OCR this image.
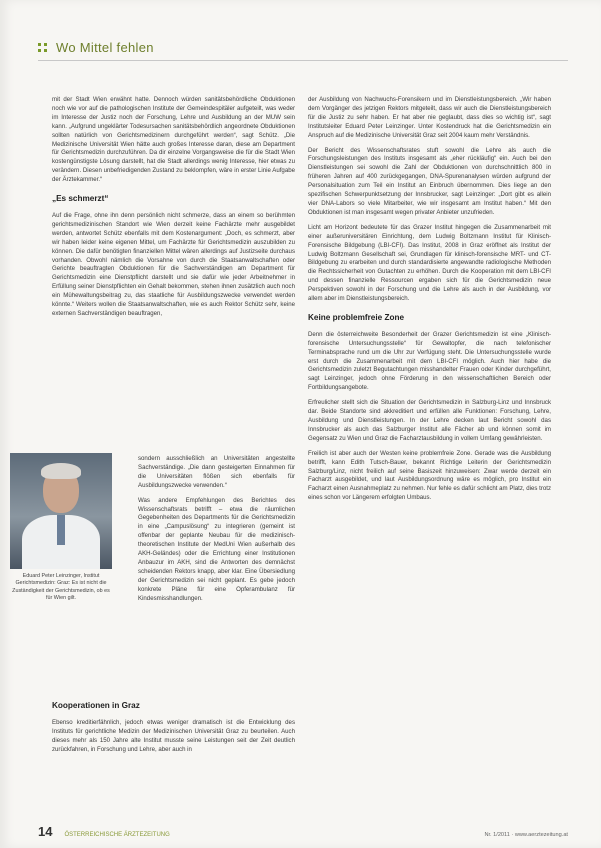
Wo Mittel fehlen

mit der Stadt Wien erwähnt hatte. Dennoch würden sanitätsbehördliche Obduktionen noch wie vor auf die pathologischen Institute der Gemeindespitäler aufgeteilt, was weder im Interesse der Justiz noch der Forschung, Lehre und Ausbildung an der MUW sein kann. „Aufgrund ungeklärter Todesursachen sanitätsbehördlich angeordnete Obduktionen sollten natürlich von Gerichtsmedizinern durchgeführt werden“, sagt Schütz. „Die Medizinische Universität Wien hätte auch großes Interesse daran, diese am Department für Gerichtsmedizin durchzuführen. Da dir einzelne Vorgangsweise die für die Stadt Wien kostengünstigste Lösung darstellt, hat die Stadt allerdings wenig Interesse, hier etwas zu verändern. Diesen unbefriedigenden Zustand zu beklompfen, wäre in erster Linie Aufgabe der Ärztekammer.“

„Es schmerzt“

Auf die Frage, ohne ihn denn persönlich nicht schmerze, dass an einem so berühmten gerichtsmedizinischen Standort wie Wien derzeit keine Fachärzte mehr ausgebildet werden, antwortet Schütz ebenfalls mit dem Kostenargument: „Doch, es schmerzt, aber wir haben leider keine eigenen Mittel, um Fachärzte für Gerichtsmedizin auszubilden zu können. Die dafür benötigten finanziellen Mittel wären allerdings auf Justizseite durchaus vorhanden. Obwohl nämlich die Vorsahne von durch die Staatsanwaltschaften oder Gerichte beauftragten Obduktionen für die Sachverständigen am Department für Gerichtsmedizin eine Dienstpflicht darstellt und sie dafür wie jeder Arbeitnehmer in Erfüllung seiner Dienstpflichten ein Gehalt bekommen, stehen ihnen zusätzlich auch noch ein Mühewaltungsbeitrag zu, das staatliche für Ausbildungszwecke verwendet werden könnte.“ Weiters wollen die Staatsanwaltschaften, wie es auch Rektor Schütz sehr, keine externen Sachverständigen beauftragen,

Eduard Peter Leinzinger, Institut Gerichtsmedizin: Graz: Es ist nicht die Zuständigkeit der Gerichtsmedizin, ob es für Wien gilt.

sondern ausschließlich an Universitäten angestellte Sachverständige. „Die dann gesteigerten Einnahmen für die Universitäten flößen sich ebenfalls für Ausbildungszwecke verwenden.“

Was andere Empfehlungen des Berichtes des Wissenschaftsrats betrifft – etwa die räumlichen Gegebenheiten des Departments für die Gerichtsmedizin in eine „Campuslösung“ zu integrieren (gemeint ist offenbar der geplante Neubau für die medizinisch-theoretischen Institute der MedUni Wien außerhalb des AKH-Geländes) oder die Errichtung einer Institutionen Anbauzur im AKH, sind die Antworten des demnächst scheidenden Rektors knapp, aber klar. Eine Übersiedlung der Gerichtsmedizin sei nicht geplant. Es gebe jedoch konkrete Pläne für eine Opferambulanz für Kindesmisshandlungen.

Kooperationen in Graz

Ebenso kreditierfähnlich, jedoch etwas weniger dramatisch ist die Entwicklung des Instituts für gerichtliche Medizin der Medizinischen Universität Graz zu beurteilen. Auch dieses mehr als 150 Jahre alte Institut musste seine Leistungen seit der Zeit deutlich zurückfahren, in Forschung und Lehre, aber auch in

der Ausbildung von Nachwuchs-Forensikern und im Dienstleistungsbereich. „Wir haben dem Vorgänger des jetzigen Rektors mitgeteilt, dass wir auch die Dienstleistungsbereich für die Justiz zu sehr haben. Er hat aber nie geglaubt, dass dies so wichtig ist“, sagt Institutsleiter Eduard Peter Leinzinger. Unter Kostendruck hat die Gerichtsmedizin ein Anspruch auf die Medizinische Universität Graz seit 2004 kaum mehr Verständnis.

Der Bericht des Wissenschaftsrates stuft sowohl die Lehre als auch die Forschungsleistungen des Instituts insgesamt als „eher rückläufig“ ein. Auch bei den Dienstleistungen sei sowohl die Zahl der Obduktionen von durchschnittlich 800 in früheren Jahren auf 400 zurückgegangen, DNA-Spurenanalysen würden aufgrund der Personalsituation zum Teil ein Institut an Einbruch übernommen. Dies liege an den spezifischen Schwerpunktsetzung der Innsbrucker, sagt Leinzinger: „Dort gibt es allein vier DNA-Labors so viele Mitarbeiter, wie wir insgesamt am Institut haben.“ Mit den Obduktionen ist man insgesamt wegen privater Anbieter unzufrieden.

Licht am Horizont bedeutete für das Grazer Institut hingegen die Zusammenarbeit mit einer außeruniversitären Einrichtung, dem Ludwig Boltzmann Institut für Klinisch-Forensische Bildgebung (LBI-CFI). Das Institut, 2008 in Graz eröffnet als Institut der Ludwig Boltzmann Gesellschaft sei, Grundlagen für klinisch-forensische MRT- und CT-Bildgebung zu erarbeiten und durch standardisierte angewandte radiologische Methoden die Rechtssicherheit von Gutachten zu erhöhen. Durch die Kooperation mit dem LBI-CFI und dessen finanzielle Ressourcen ergaben sich für die Gerichtsmedizin neue Perspektiven sowohl in der Forschung und die Lehre als auch in der Ausbildung, vor allem aber im Dienstleistungsbereich.

Keine problemfreie Zone

Denn die österreichweite Besonderheit der Grazer Gerichtsmedizin ist eine „Klinisch-forensische Untersuchungsstelle“ für Gewaltopfer, die nach telefonischer Terminabsprache rund um die Uhr zur Verfügung steht. Die Untersuchungsstelle wurde erst durch die Zusammenarbeit mit dem LBI-CFI möglich. Auch hier habe die Gerichtsmedizin zuletzt Begutachtungen misshandelter Frauen oder Kinder durchgeführt, sagt Leinzinger, jedoch ohne Förderung in den wissenschaftlichen Bereich oder Fortbildungsangebote.

Erfreulicher stellt sich die Situation der Gerichtsmedizin in Salzburg-Linz und Innsbruck dar. Beide Standorte sind akkreditiert und erfüllen alle Funktionen: Forschung, Lehre, Ausbildung und Dienstleistungen. In der Lehre decken laut Bericht sowohl das Innsbrucker als auch das Salzburger Institut alle Fächer ab und können somit im Gegensatz zu Wien und Graz die Facharztausbildung in vollem Umfang gewährleisten.

Freilich ist aber auch der Westen keine problemfreie Zone. Gerade was die Ausbildung betrifft, kann Edith Tutsch-Bauer, bekannt Richtige Leiterin der Gerichtsmedizin Salzburg/Linz, nicht freilich auf seine Basiszeit hinzuweisen: Zwar werde derzeit ein Facharzt ausgebildet, und laut Ausbildungsordnung wäre es möglich, pro Institut ein Facharzt einen Ausnahmeplatz zu nehmen. Nur fehle es dafür schlicht am Platz, dies trotz eines schon vor Längerem erfolgten Umbaus.

14 ÖSTERREICHISCHE ÄRZTEZEITUNG	Nr. 1/2011 · www.aerztezeitung.at
